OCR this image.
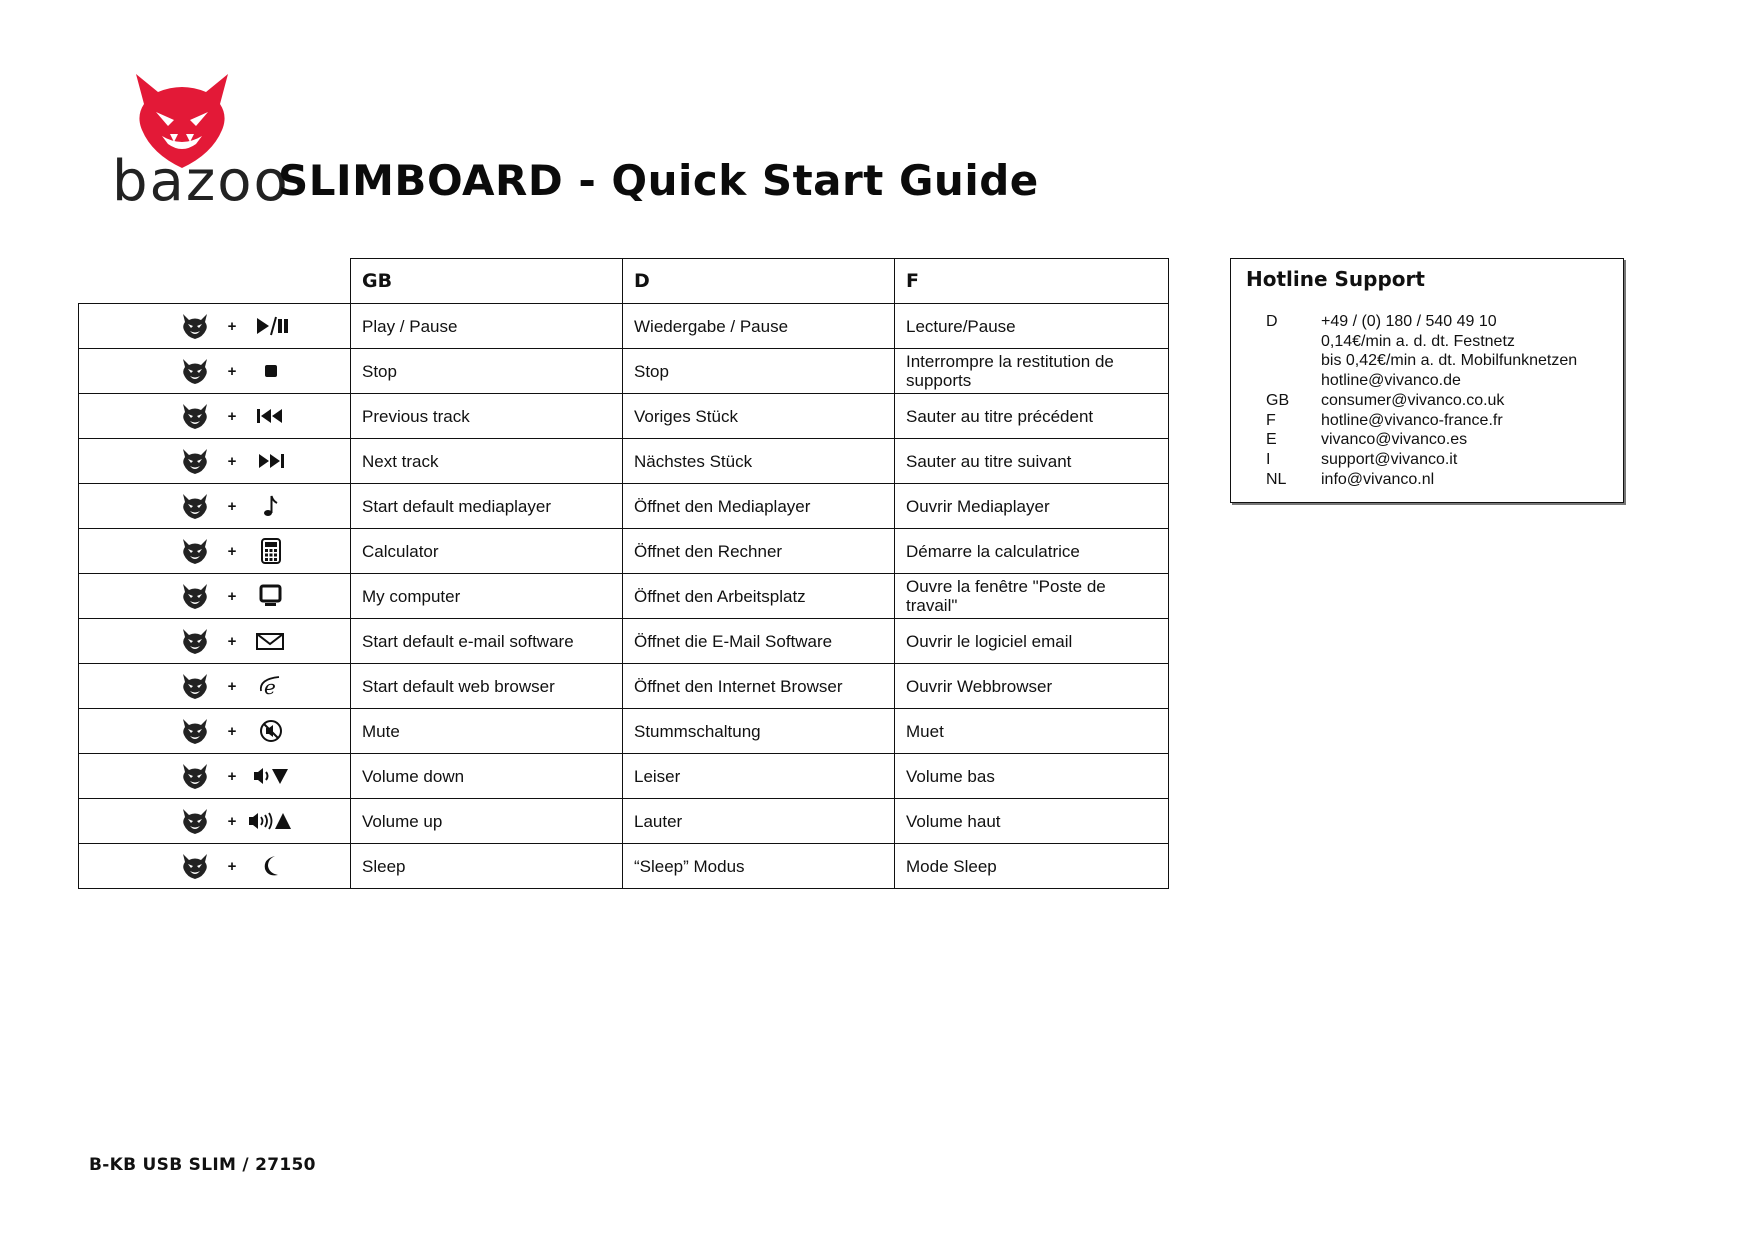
bazoo
SLIMBOARD - Quick Start Guide
	GB	D	F

+	Play / Pause	Wiedergabe / Pause	Lecture/Pause

+	Stop	Stop	Interrompre la restitution de supports

+	Previous track	Voriges Stück	Sauter au titre précédent

+	Next track	Nächstes Stück	Sauter au titre suivant

+	Start default mediaplayer	Öffnet den Mediaplayer	Ouvrir Mediaplayer

+	Calculator	Öffnet den Rechner	Démarre la calculatrice

+	My computer	Öffnet den Arbeitsplatz	Ouvre la fenêtre "Poste de travail"

+	Start default e-mail software	Öffnet die E-Mail Software	Ouvrir le logiciel email

+ e	Start default web browser	Öffnet den Internet Browser	Ouvrir Webbrowser

+	Mute	Stummschaltung	Muet

+	Volume down	Leiser	Volume bas

+	Volume up	Lauter	Volume haut

+	Sleep	“Sleep” Modus	Mode Sleep
Hotline Support
D	+49 / (0) 180 / 540 49 10
0,14€/min a. d. dt. Festnetz
bis 0,42€/min a. dt. Mobilfunknetzen
hotline@vivanco.de
GB	consumer@vivanco.co.uk
F	hotline@vivanco-france.fr
E	vivanco@vivanco.es
I	support@vivanco.it
NL	info@vivanco.nl
B-KB USB SLIM / 27150
